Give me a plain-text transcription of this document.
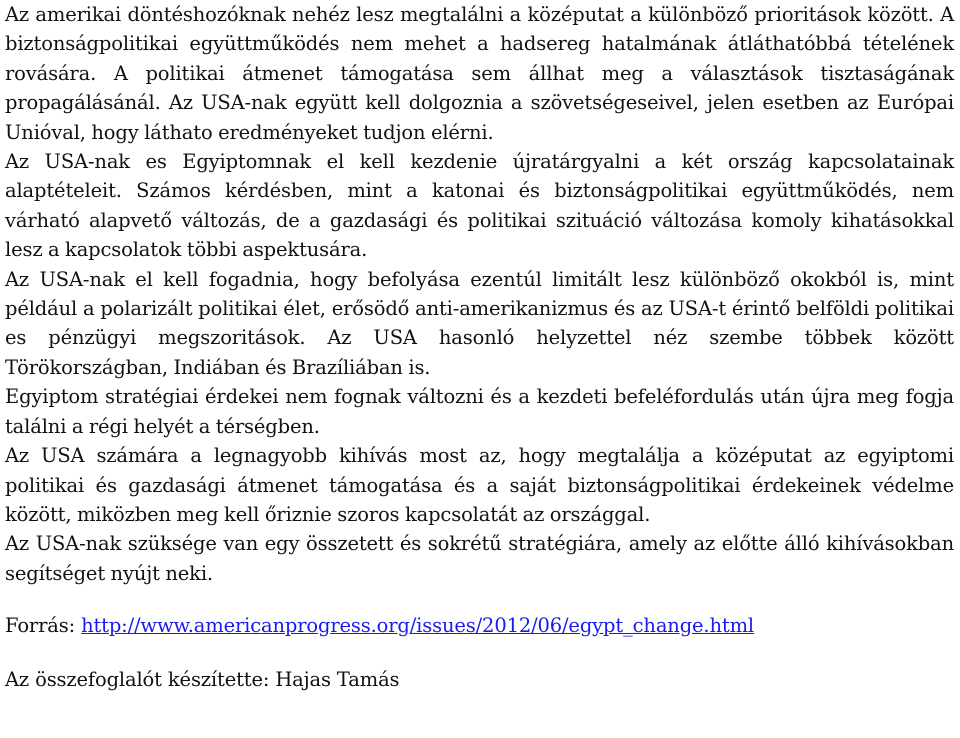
Az amerikai döntéshozóknak nehéz lesz megtalálni a középutat a különböző prioritások között. A biztonságpolitikai együttműködés nem mehet a hadsereg hatalmának átláthatóbbá tételének rovására. A politikai átmenet támogatása sem állhat meg a választások tisztaságának propagálásánál. Az USA-nak együtt kell dolgoznia a szövetségeseivel, jelen esetben az Európai Unióval, hogy láthato eredményeket tudjon elérni.

Az USA-nak es Egyiptomnak el kell kezdenie újratárgyalni a két ország kapcsolatainak alaptételeit. Számos kérdésben, mint a katonai és biztonságpolitikai együttműködés, nem várható alapvető változás, de a gazdasági és politikai szituáció változása komoly kihatásokkal lesz a kapcsolatok többi aspektusára.

Az USA-nak el kell fogadnia, hogy befolyása ezentúl limitált lesz különböző okokból is, mint például a polarizált politikai élet, erősödő anti-amerikanizmus és az USA-t érintő belföldi politikai es pénzügyi megszoritások. Az USA hasonló helyzettel néz szembe többek között Törökországban, Indiában és Brazíliában is.

Egyiptom stratégiai érdekei nem fognak változni és a kezdeti befeléfordulás után újra meg fogja találni a régi helyét a térségben.

Az USA számára a legnagyobb kihívás most az, hogy megtalálja a középutat az egyiptomi politikai és gazdasági átmenet támogatása és a saját biztonságpolitikai érdekeinek védelme között, miközben meg kell őriznie szoros kapcsolatát az országgal.

Az USA-nak szüksége van egy összetett és sokrétű stratégiára, amely az előtte álló kihívásokban segítséget nyújt neki.

Forrás: http://www.americanprogress.org/issues/2012/06/egypt_change.html

Az összefoglalót készítette: Hajas Tamás
